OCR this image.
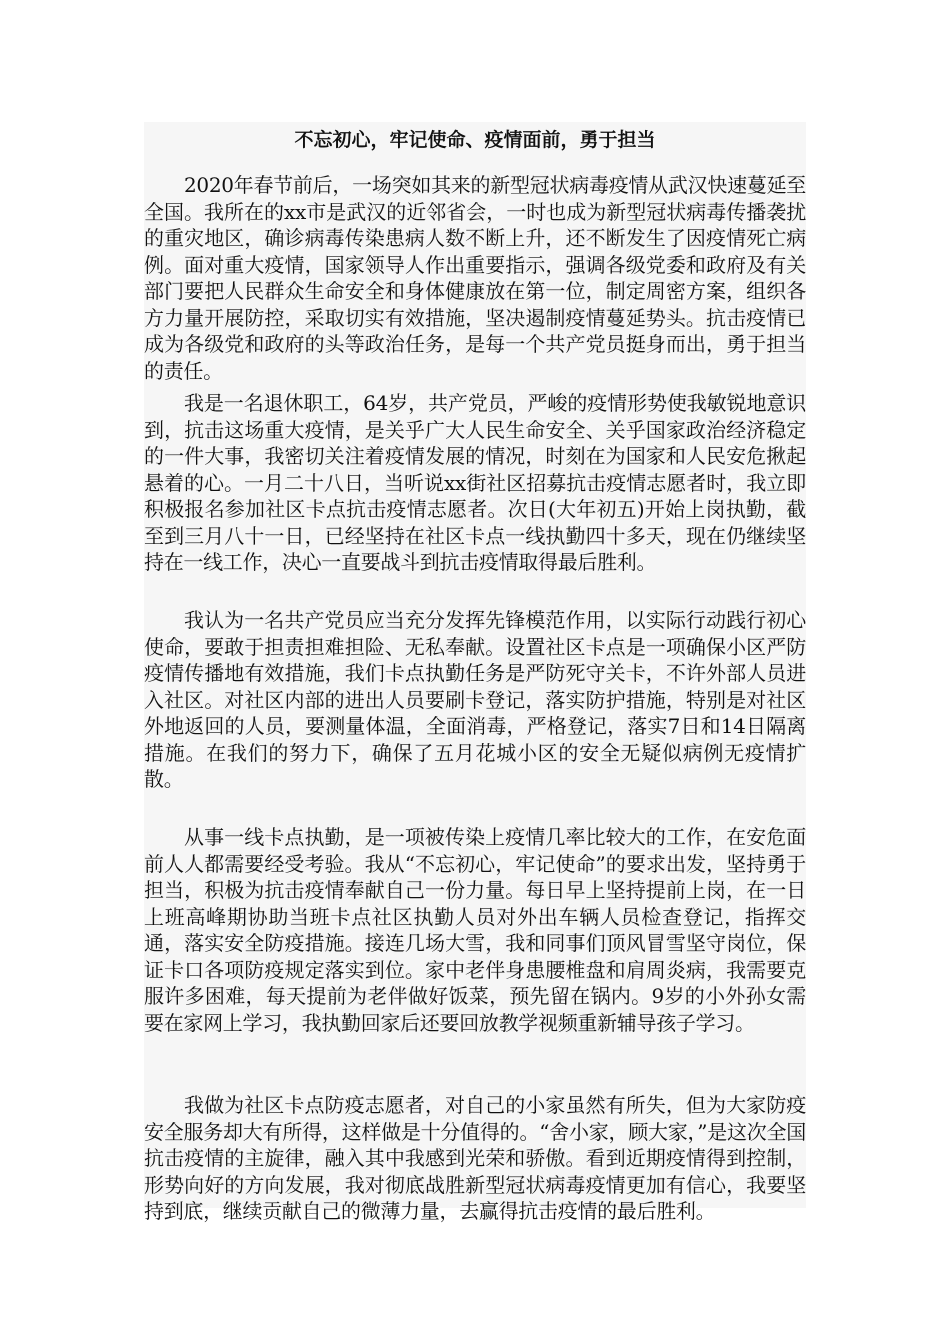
不忘初心，牢记使命、疫情面前，勇于担当
2020年春节前后，一场突如其来的新型冠状病毒疫情从武汉快速蔓延至全国。我所在的xx市是武汉的近邻省会，一时也成为新型冠状病毒传播袭扰的重灾地区，确诊病毒传染患病人数不断上升，还不断发生了因疫情死亡病例。面对重大疫情，国家领导人作出重要指示，强调各级党委和政府及有关部门要把人民群众生命安全和身体健康放在第一位，制定周密方案，组织各方力量开展防控，采取切实有效措施，坚决遏制疫情蔓延势头。抗击疫情已成为各级党和政府的头等政治任务，是每一个共产党员挺身而出，勇于担当的责任。
我是一名退休职工，64岁，共产党员，严峻的疫情形势使我敏锐地意识到，抗击这场重大疫情，是关乎广大人民生命安全、关乎国家政治经济稳定的一件大事，我密切关注着疫情发展的情况，时刻在为国家和人民安危揪起悬着的心。一月二十八日，当听说xx街社区招募抗击疫情志愿者时，我立即积极报名参加社区卡点抗击疫情志愿者。次日(大年初五)开始上岗执勤，截至到三月八十一日，已经坚持在社区卡点一线执勤四十多天，现在仍继续坚持在一线工作，决心一直要战斗到抗击疫情取得最后胜利。
我认为一名共产党员应当充分发挥先锋模范作用，以实际行动践行初心使命，要敢于担责担难担险、无私奉献。设置社区卡点是一项确保小区严防疫情传播地有效措施，我们卡点执勤任务是严防死守关卡，不许外部人员进入社区。对社区内部的进出人员要刷卡登记，落实防护措施，特别是对社区外地返回的人员，要测量体温，全面消毒，严格登记，落实7日和14日隔离措施。在我们的努力下，确保了五月花城小区的安全无疑似病例无疫情扩散。
从事一线卡点执勤，是一项被传染上疫情几率比较大的工作，在安危面前人人都需要经受考验。我从“不忘初心，牢记使命”的要求出发，坚持勇于担当，积极为抗击疫情奉献自己一份力量。每日早上坚持提前上岗，在一日上班高峰期协助当班卡点社区执勤人员对外出车辆人员检查登记，指挥交通，落实安全防疫措施。接连几场大雪，我和同事们顶风冒雪坚守岗位，保证卡口各项防疫规定落实到位。家中老伴身患腰椎盘和肩周炎病，我需要克服许多困难，每天提前为老伴做好饭菜，预先留在锅内。9岁的小外孙女需要在家网上学习，我执勤回家后还要回放教学视频重新辅导孩子学习。
我做为社区卡点防疫志愿者，对自己的小家虽然有所失，但为大家防疫安全服务却大有所得，这样做是十分值得的。“舍小家，顾大家，”是这次全国抗击疫情的主旋律，融入其中我感到光荣和骄傲。看到近期疫情得到控制，形势向好的方向发展，我对彻底战胜新型冠状病毒疫情更加有信心，我要坚持到底，继续贡献自己的微薄力量，去赢得抗击疫情的最后胜利。
